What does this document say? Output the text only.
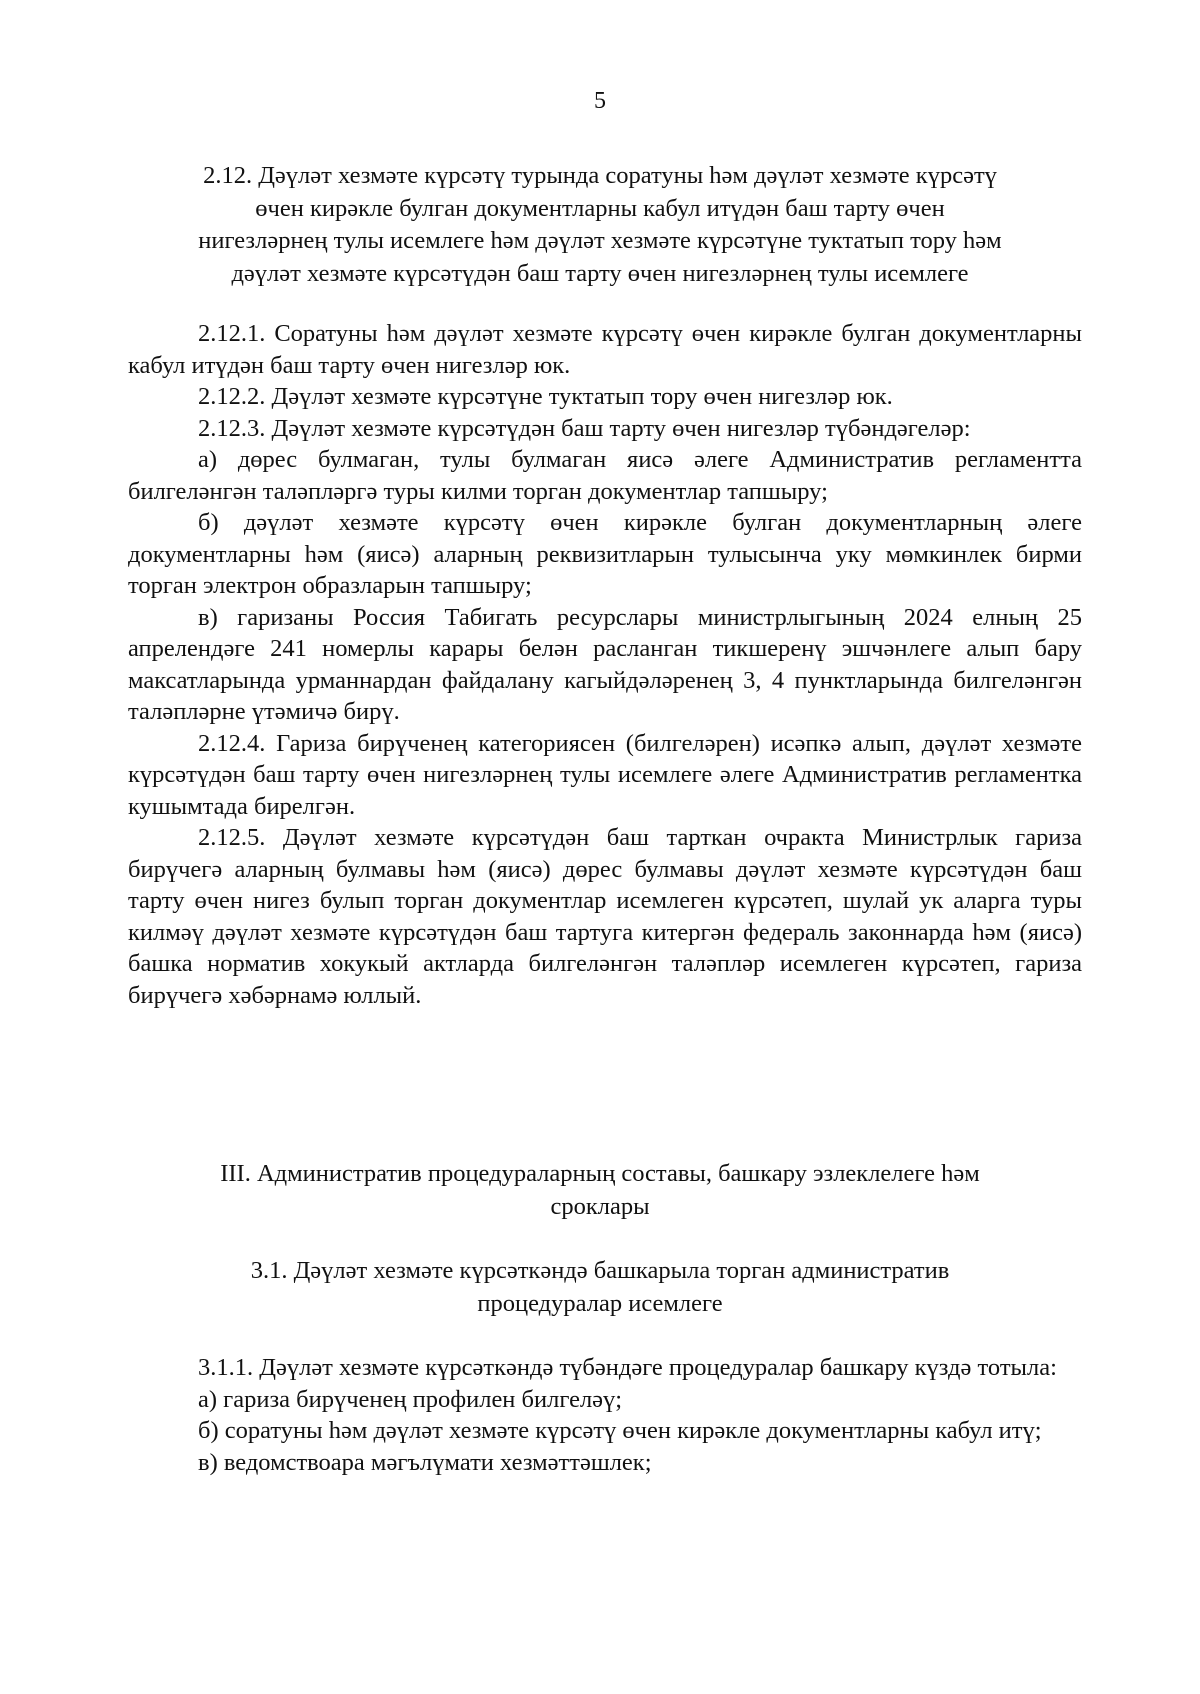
5
2.12. Дәүләт хезмәте күрсәтү турында соратуны һәм дәүләт хезмәте күрсәтү
өчен кирәкле булган документларны кабул итүдән баш тарту өчен
нигезләрнең тулы исемлеге һәм дәүләт хезмәте күрсәтүне туктатып тору һәм
дәүләт хезмәте күрсәтүдән баш тарту өчен нигезләрнең тулы исемлеге

2.12.1. Соратуны һәм дәүләт хезмәте күрсәтү өчен кирәкле булган документларны кабул итүдән баш тарту өчен нигезләр юк.

2.12.2. Дәүләт хезмәте күрсәтүне туктатып тору өчен нигезләр юк.

2.12.3. Дәүләт хезмәте күрсәтүдән баш тарту өчен нигезләр түбәндәгеләр:

а) дөрес булмаган, тулы булмаган яисә әлеге Административ регламентта билгеләнгән таләпләргә туры килми торган документлар тапшыру;

б) дәүләт хезмәте күрсәтү өчен кирәкле булган документларның әлеге документларны һәм (яисә) аларның реквизитларын тулысынча уку мөмкинлек бирми торган электрон образларын тапшыру;

в) гаризаны Россия Табигать ресурслары министрлыгының 2024 елның 25 апрелендәге 241 номерлы карары белән расланган тикшеренү эшчәнлеге алып бару максатларында урманнардан файдалану кагыйдәләренең 3, 4 пунктларында билгеләнгән таләпләрне үтәмичә бирү.

2.12.4. Гариза бирүченең категориясен (билгеләрен) исәпкә алып, дәүләт хезмәте күрсәтүдән баш тарту өчен нигезләрнең тулы исемлеге әлеге Административ регламентка кушымтада бирелгән.

2.12.5. Дәүләт хезмәте күрсәтүдән баш тарткан очракта Министрлык гариза бирүчегә аларның булмавы һәм (яисә) дөрес булмавы дәүләт хезмәте күрсәтүдән баш тарту өчен нигез булып торган документлар исемлеген күрсәтеп, шулай ук аларга туры килмәү дәүләт хезмәте күрсәтүдән баш тартуга китергән федераль законнарда һәм (яисә) башка норматив хокукый актларда билгеләнгән таләпләр исемлеген күрсәтеп, гариза бирүчегә хәбәрнамә юллый.

III. Административ процедураларның составы, башкару эзлеклелеге һәм
сроклары
3.1. Дәүләт хезмәте күрсәткәндә башкарыла торган административ
процедуралар исемлеге

3.1.1. Дәүләт хезмәте күрсәткәндә түбәндәге процедуралар башкару күздә тотыла:

а) гариза бирүченең профилен билгеләү;

б) соратуны һәм дәүләт хезмәте күрсәтү өчен кирәкле документларны кабул итү;

в) ведомствоара мәгълүмати хезмәттәшлек;
